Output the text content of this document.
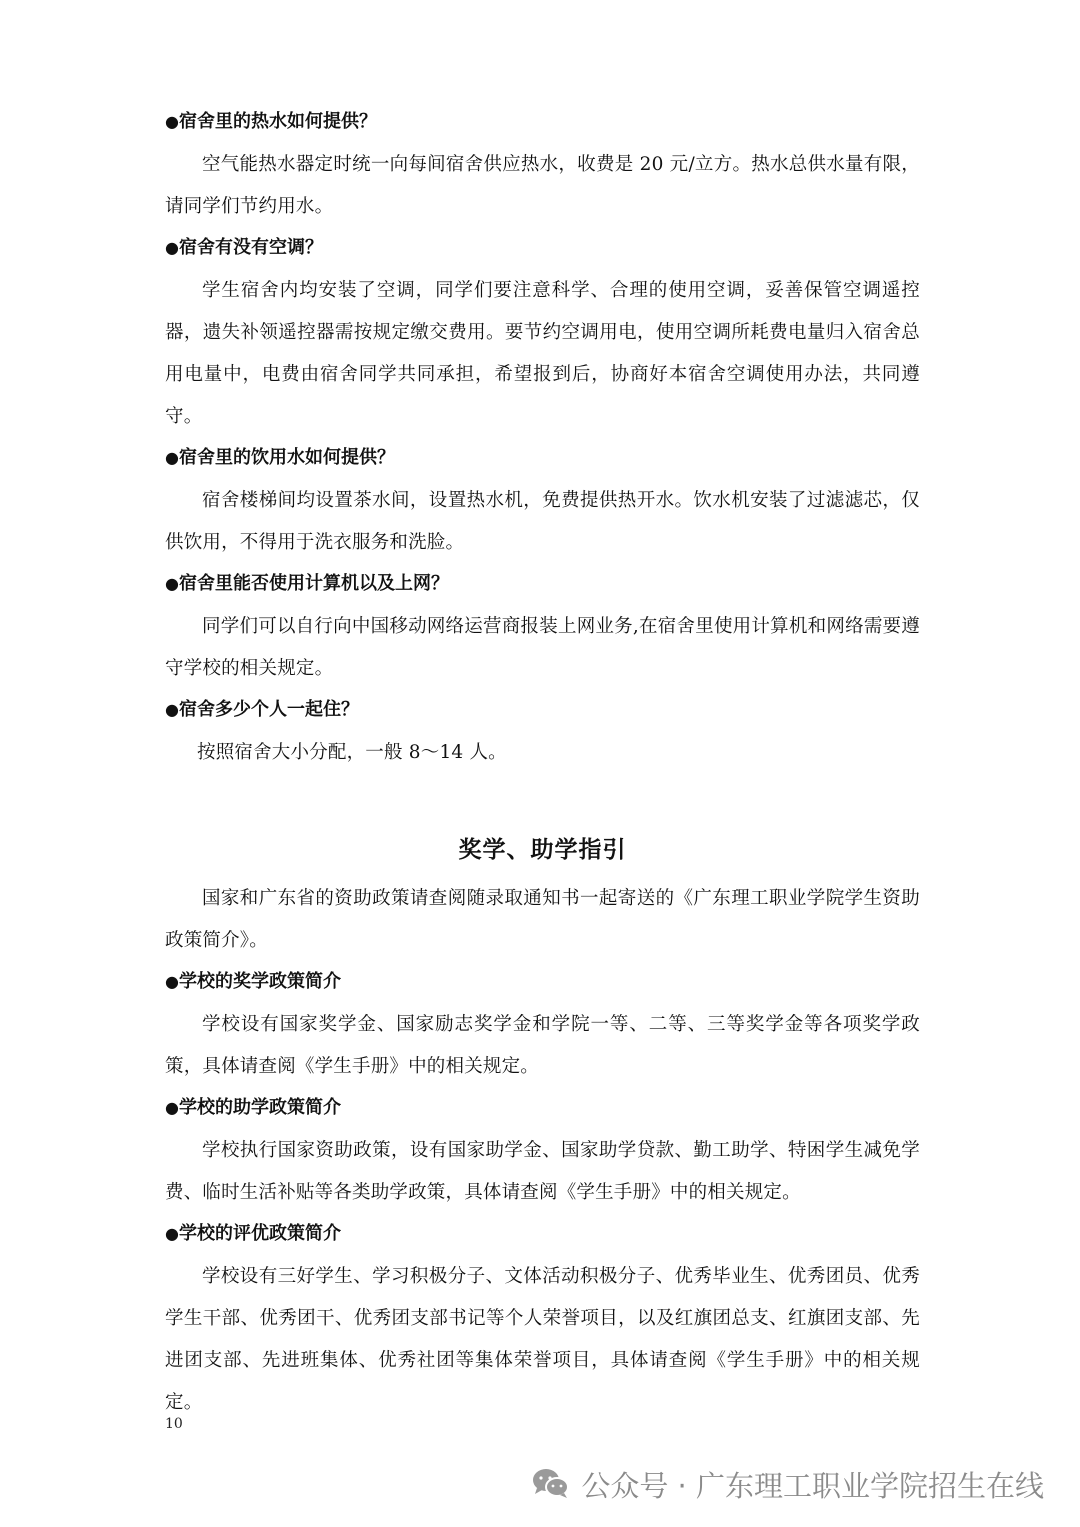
●宿舍里的热水如何提供？

空气能热水器定时统一向每间宿舍供应热水，收费是 20 元/立方。热水总供水量有限，请同学们节约用水。

●宿舍有没有空调？

学生宿舍内均安装了空调，同学们要注意科学、合理的使用空调，妥善保管空调遥控器，遗失补领遥控器需按规定缴交费用。要节约空调用电，使用空调所耗费电量归入宿舍总用电量中，电费由宿舍同学共同承担，希望报到后，协商好本宿舍空调使用办法，共同遵守。

●宿舍里的饮用水如何提供？

宿舍楼梯间均设置茶水间，设置热水机，免费提供热开水。饮水机安装了过滤滤芯，仅供饮用，不得用于洗衣服务和洗脸。

●宿舍里能否使用计算机以及上网？

同学们可以自行向中国移动网络运营商报装上网业务,在宿舍里使用计算机和网络需要遵守学校的相关规定。

●宿舍多少个人一起住？

按照宿舍大小分配，一般 8～14 人。

奖学、助学指引

国家和广东省的资助政策请查阅随录取通知书一起寄送的《广东理工职业学院学生资助政策简介》。

●学校的奖学政策简介

学校设有国家奖学金、国家励志奖学金和学院一等、二等、三等奖学金等各项奖学政策，具体请查阅《学生手册》中的相关规定。

●学校的助学政策简介

学校执行国家资助政策，设有国家助学金、国家助学贷款、勤工助学、特困学生减免学费、临时生活补贴等各类助学政策，具体请查阅《学生手册》中的相关规定。

●学校的评优政策简介

学校设有三好学生、学习积极分子、文体活动积极分子、优秀毕业生、优秀团员、优秀学生干部、优秀团干、优秀团支部书记等个人荣誉项目，以及红旗团总支、红旗团支部、先进团支部、先进班集体、优秀社团等集体荣誉项目，具体请查阅《学生手册》中的相关规定。

10
公众号 · 广东理工职业学院招生在线
